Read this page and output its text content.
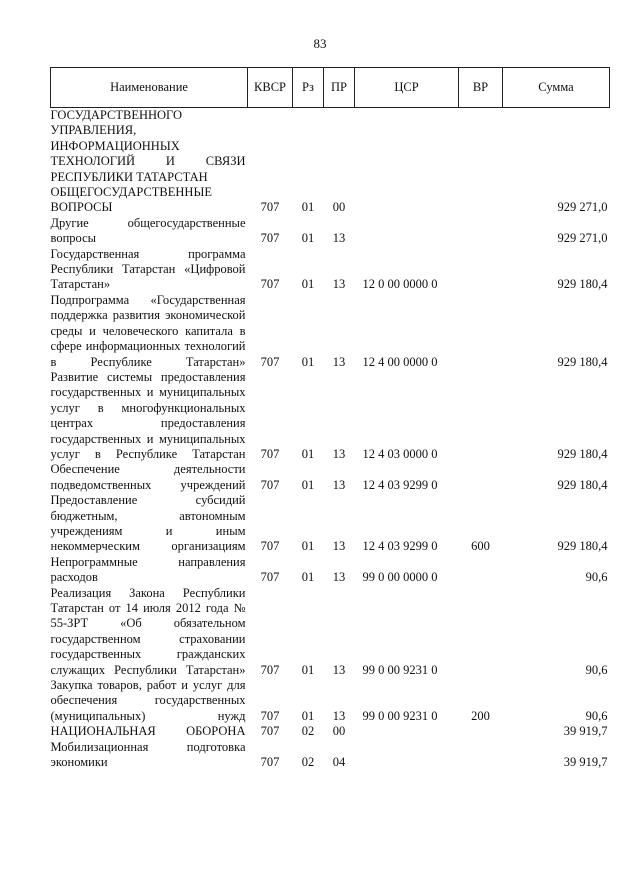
83
Наименование	КВСР	Рз	ПР	ЦСР	ВР	Сумма
ГОСУДАРСТВЕННОГО УПРАВЛЕНИЯ, ИНФОРМАЦИОННЫХ ТЕХНОЛОГИЙ И СВЯЗИ РЕСПУБЛИКИ ТАТАРСТАН						
ОБЩЕГОСУДАРСТВЕННЫЕ ВОПРОСЫ	707	01	00			929 271,0
Другие общегосударственные вопросы	707	01	13			929 271,0
Государственная программа Республики Татарстан «Цифровой Татарстан»	707	01	13	12 0 00 0000 0		929 180,4
Подпрограмма «Государственная поддержка развития экономической среды и человеческого капитала в сфере информационных технологий в Республике Татарстан»	707	01	13	12 4 00 0000 0		929 180,4
Развитие системы предоставления государственных и муниципальных услуг в многофункциональных центрах предоставления государственных и муниципальных услуг в Республике Татарстан	707	01	13	12 4 03 0000 0		929 180,4
Обеспечение деятельности подведомственных учреждений	707	01	13	12 4 03 9299 0		929 180,4
Предоставление субсидий бюджетным, автономным учреждениям и иным некоммерческим организациям	707	01	13	12 4 03 9299 0	600	929 180,4
Непрограммные направления расходов	707	01	13	99 0 00 0000 0		90,6
Реализация Закона Республики Татарстан от 14 июля 2012 года № 55-ЗРТ «Об обязательном государственном страховании государственных гражданских служащих Республики Татарстан»	707	01	13	99 0 00 9231 0		90,6
Закупка товаров, работ и услуг для обеспечения государственных (муниципальных) нужд	707	01	13	99 0 00 9231 0	200	90,6
НАЦИОНАЛЬНАЯ ОБОРОНА	707	02	00			39 919,7
Мобилизационная подготовка экономики	707	02	04			39 919,7
